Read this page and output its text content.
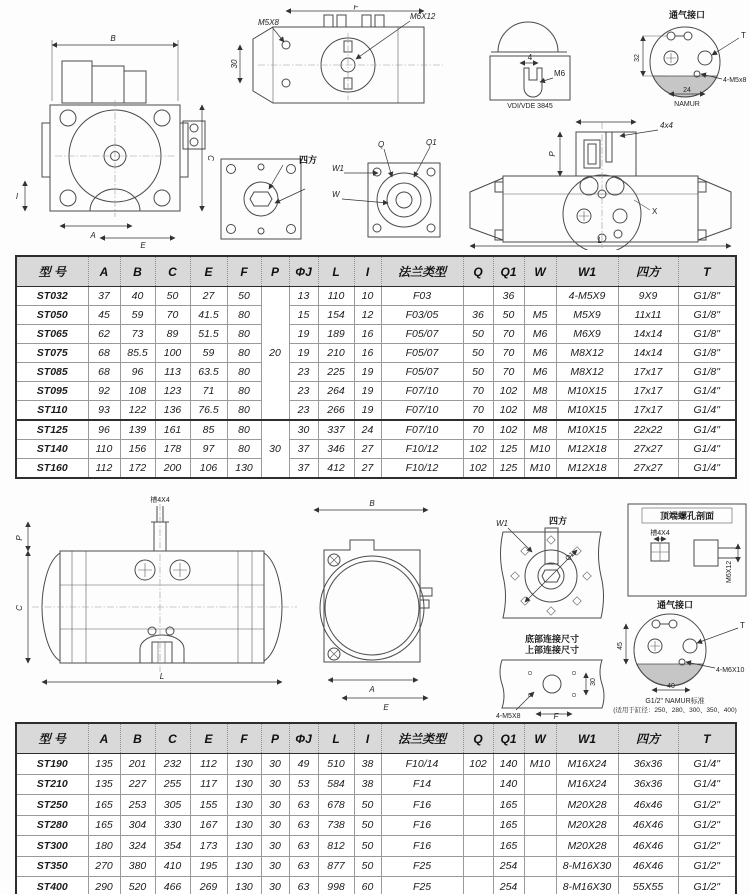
B
C
I
A
E
F
M5X8
30
M6X12
四方
Q	Q1
W1
W
4
M6
VDI/VDE 3845
通气接口
32
24
T
4-M5x8
NAMUR
4x4
P
X
L
型 号	A	B	C	E	F	P	ΦJ	L	I	法兰类型	Q	Q1	W	W1	四方	T
ST032	37	40	50	27	50	20	13	110	10	F03		36		4-M5X9	9X9	G1/8"
ST050	45	59	70	41.5	80		15	154	12	F03/05	36	50	M5	M5X9	11x11	G1/8"
ST065	62	73	89	51.5	80		19	189	16	F05/07	50	70	M6	M6X9	14x14	G1/8"
ST075	68	85.5	100	59	80		19	210	16	F05/07	50	70	M6	M8X12	14x14	G1/8"
ST085	68	96	113	63.5	80		23	225	19	F05/07	50	70	M6	M8X12	17x17	G1/8"
ST095	92	108	123	71	80		23	264	19	F07/10	70	102	M8	M10X15	17x17	G1/4"
ST110	93	122	136	76.5	80		23	266	19	F07/10	70	102	M8	M10X15	17x17	G1/4"
ST125	96	139	161	85	80	30	30	337	24	F07/10	70	102	M8	M10X15	22x22	G1/4"
ST140	110	156	178	97	80		37	346	27	F10/12	102	125	M10	M12X18	27x27	G1/4"
ST160	112	172	200	106	130		37	412	27	F10/12	102	125	M10	M12X18	27x27	G1/4"
槽4X4
P
C
L
B
A
E
W1	四方
Q1
底部连接尺寸
上部连接尺寸
30
4-M5X8	F
顶端螺孔剖面
槽4X4
M6X12
通气接口
45
40
T
4-M6X10
G1/2" NAMUR标准
(适用于缸径：250、280、300、350、400)
型 号	A	B	C	E	F	P	ΦJ	L	I	法兰类型	Q	Q1	W	W1	四方	T
ST190	135	201	232	112	130	30	49	510	38	F10/14	102	140	M10	M16X24	36x36	G1/4"
ST210	135	227	255	117	130	30	53	584	38	F14		140		M16X24	36x36	G1/4"
ST250	165	253	305	155	130	30	63	678	50	F16		165		M20X28	46x46	G1/2"
ST280	165	304	330	167	130	30	63	738	50	F16		165		M20X28	46X46	G1/2"
ST300	180	324	354	173	130	30	63	812	50	F16		165		M20X28	46X46	G1/2"
ST350	270	380	410	195	130	30	63	877	50	F25		254		8-M16X30	46X46	G1/2"
ST400	290	520	466	269	130	30	63	998	60	F25		254		8-M16X30	55X55	G1/2"
